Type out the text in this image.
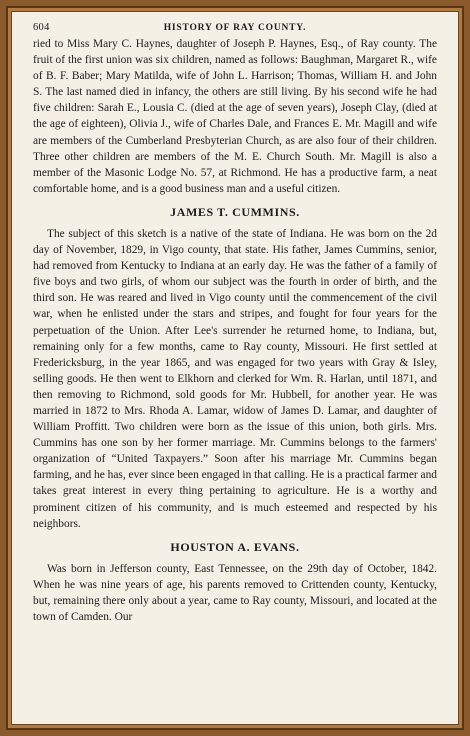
604	HISTORY OF RAY COUNTY.

ried to Miss Mary C. Haynes, daughter of Joseph P. Haynes, Esq., of Ray county. The fruit of the first union was six children, named as follows: Baughman, Margaret R., wife of B. F. Baber; Mary Matilda, wife of John L. Harrison; Thomas, William H. and John S. The last named died in infancy, the others are still living. By his second wife he had five children: Sarah E., Lousia C. (died at the age of seven years), Joseph Clay, (died at the age of eighteen), Olivia J., wife of Charles Dale, and Frances E. Mr. Magill and wife are members of the Cumberland Presbyterian Church, as are also four of their children. Three other children are members of the M. E. Church South. Mr. Magill is also a member of the Masonic Lodge No. 57, at Richmond. He has a productive farm, a neat comfortable home, and is a good business man and a useful citizen.

JAMES T. CUMMINS.

The subject of this sketch is a native of the state of Indiana. He was born on the 2d day of November, 1829, in Vigo county, that state. His father, James Cummins, senior, had removed from Kentucky to Indiana at an early day. He was the father of a family of five boys and two girls, of whom our subject was the fourth in order of birth, and the third son. He was reared and lived in Vigo county until the commencement of the civil war, when he enlisted under the stars and stripes, and fought for four years for the perpetuation of the Union. After Lee's surrender he returned home, to Indiana, but, remaining only for a few months, came to Ray county, Missouri. He first settled at Fredericksburg, in the year 1865, and was engaged for two years with Gray & Isley, selling goods. He then went to Elkhorn and clerked for Wm. R. Harlan, until 1871, and then removing to Richmond, sold goods for Mr. Hubbell, for another year. He was married in 1872 to Mrs. Rhoda A. Lamar, widow of James D. Lamar, and daughter of William Proffitt. Two children were born as the issue of this union, both girls. Mrs. Cummins has one son by her former marriage. Mr. Cummins belongs to the farmers' organization of “United Taxpayers.” Soon after his marriage Mr. Cummins began farming, and he has, ever since been engaged in that calling. He is a practical farmer and takes great interest in every thing pertaining to agriculture. He is a worthy and prominent citizen of his community, and is much esteemed and respected by his neighbors.

HOUSTON A. EVANS.

Was born in Jefferson county, East Tennessee, on the 29th day of October, 1842. When he was nine years of age, his parents removed to Crittenden county, Kentucky, but, remaining there only about a year, came to Ray county, Missouri, and located at the town of Camden. Our
